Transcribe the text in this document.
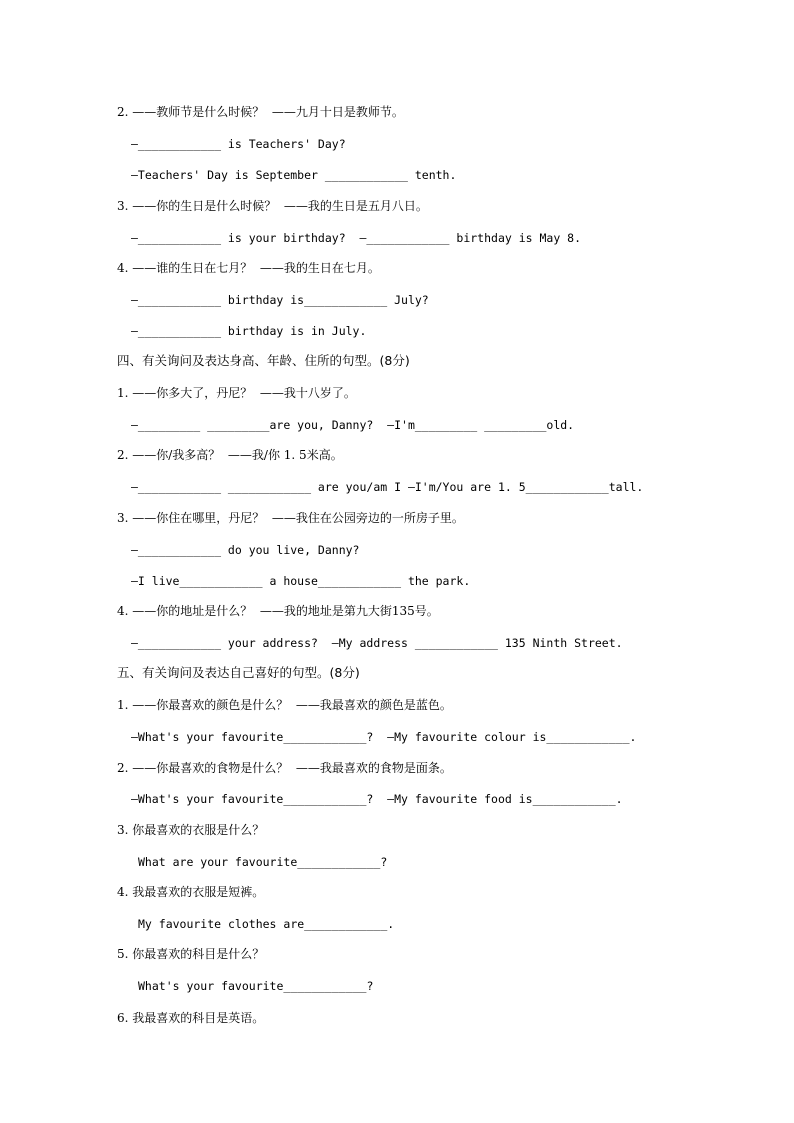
2. ——教师节是什么时候？  ——九月十日是教师节。
—____________ is Teachers' Day?
—Teachers' Day is September ____________ tenth.
3. ——你的生日是什么时候？  ——我的生日是五月八日。
—____________ is your birthday?  —____________ birthday is May 8.
4. ——谁的生日在七月？  ——我的生日在七月。
—____________ birthday is____________ July?
—____________ birthday is in July.
四、有关询问及表达身高、年龄、住所的句型。(8分)
1. ——你多大了，丹尼？  ——我十八岁了。
—_________ _________are you, Danny?  —I'm_________ _________old.
2. ——你/我多高？  ——我/你 1. 5米高。
—____________ ____________ are you/am I —I'm/You are 1. 5____________tall.
3. ——你住在哪里，丹尼？  ——我住在公园旁边的一所房子里。
—____________ do you live, Danny?
—I live____________ a house____________ the park.
4. ——你的地址是什么？  ——我的地址是第九大街135号。
—____________ your address?  —My address ____________ 135 Ninth Street.
五、有关询问及表达自己喜好的句型。(8分)
1. ——你最喜欢的颜色是什么？  ——我最喜欢的颜色是蓝色。
—What's your favourite____________?  —My favourite colour is____________.
2. ——你最喜欢的食物是什么？  ——我最喜欢的食物是面条。
—What's your favourite____________?  —My favourite food is____________.
3. 你最喜欢的衣服是什么？
What are your favourite____________?
4. 我最喜欢的衣服是短裤。
My favourite clothes are____________.
5. 你最喜欢的科目是什么？
What's your favourite____________?
6. 我最喜欢的科目是英语。
